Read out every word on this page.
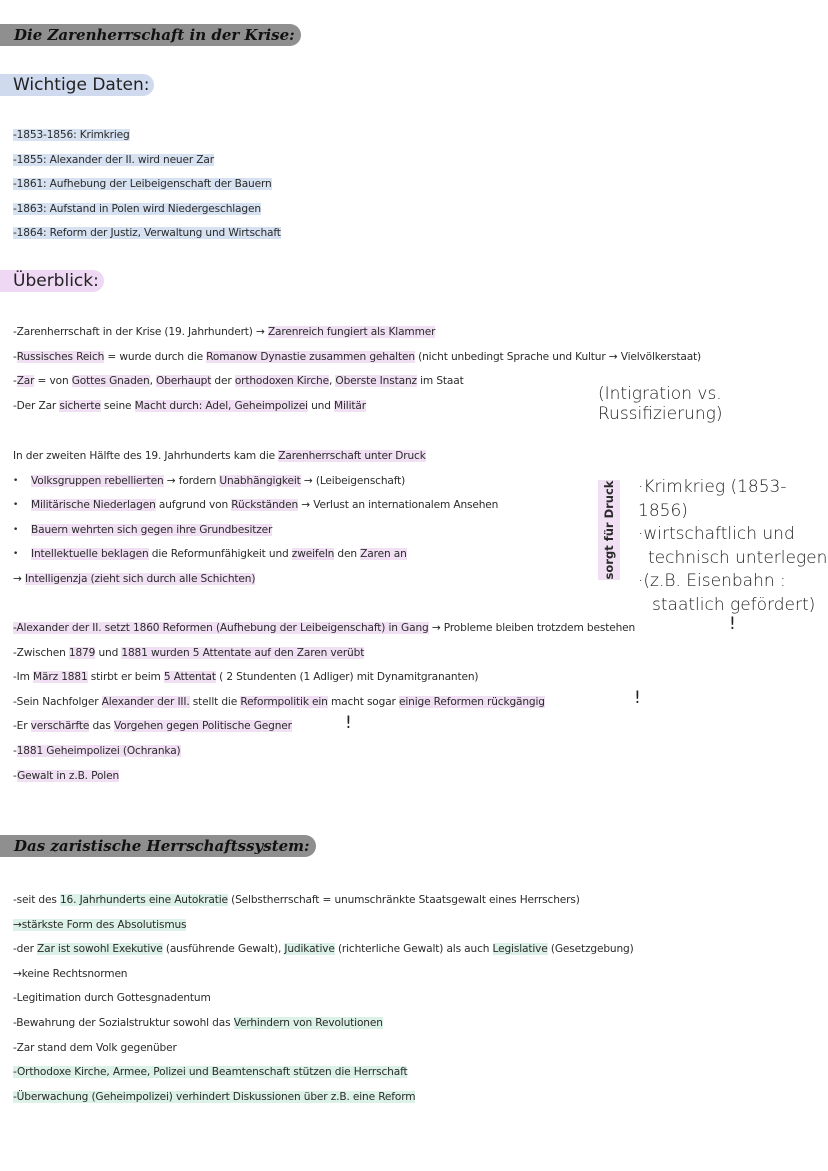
Die Zarenherrschaft in der Krise:
Wichtige Daten:
-1853-1856: Krimkrieg
-1855: Alexander der II. wird neuer Zar
-1861: Aufhebung der Leibeigenschaft der Bauern
-1863: Aufstand in Polen wird Niedergeschlagen
-1864: Reform der Justiz, Verwaltung und Wirtschaft
Überblick:
-Zarenherrschaft in der Krise (19. Jahrhundert) → Zarenreich fungiert als Klammer
-Russisches Reich = wurde durch die Romanow Dynastie zusammen gehalten (nicht unbedingt Sprache und Kultur → Vielvölkerstaat)
-Zar = von Gottes Gnaden, Oberhaupt der orthodoxen Kirche, Oberste Instanz im Staat
-Der Zar sicherte seine Macht durch: Adel, Geheimpolizei und Militär
(Intigration vs. Russifizierung)
In der zweiten Hälfte des 19. Jahrhunderts kam die Zarenherrschaft unter Druck
• Volksgruppen rebellierten → fordern Unabhängigkeit → (Leibeigenschaft)
• Militärische Niederlagen aufgrund von Rückständen → Verlust an internationalem Ansehen
• Bauern wehrten sich gegen ihre Grundbesitzer
• Intellektuelle beklagen die Reformunfähigkeit und zweifeln den Zaren an
→ Intelligenzja (zieht sich durch alle Schichten)	sorgt für Druck ·Krimkrieg (1853-1856)
·wirtschaftlich und
technisch unterlegen
·(z.B. Eisenbahn :
staatlich gefördert)
-Alexander der II. setzt 1860 Reformen (Aufhebung der Leibeigenschaft) in Gang → Probleme bleiben trotzdem bestehen
-Zwischen 1879 und 1881 wurden 5 Attentate auf den Zaren verübt
-Im März 1881 stirbt er beim 5 Attentat ( 2 Stundenten (1 Adliger) mit Dynamitgrananten)
-Sein Nachfolger Alexander der III. stellt die Reformpolitik ein macht sogar einige Reformen rückgängig
-Er verschärfte das Vorgehen gegen Politische Gegner
-1881 Geheimpolizei (Ochranka)
-Gewalt in z.B. Polen
!
!
!
Das zaristische Herrschaftssystem:
-seit des 16. Jahrhunderts eine Autokratie (Selbstherrschaft = unumschränkte Staatsgewalt eines Herrschers)
→stärkste Form des Absolutismus
-der Zar ist sowohl Exekutive (ausführende Gewalt), Judikative (richterliche Gewalt) als auch Legislative (Gesetzgebung)
→keine Rechtsnormen
-Legitimation durch Gottesgnadentum
-Bewahrung der Sozialstruktur sowohl das Verhindern von Revolutionen
-Zar stand dem Volk gegenüber
-Orthodoxe Kirche, Armee, Polizei und Beamtenschaft stützen die Herrschaft
-Überwachung (Geheimpolizei) verhindert Diskussionen über z.B. eine Reform
